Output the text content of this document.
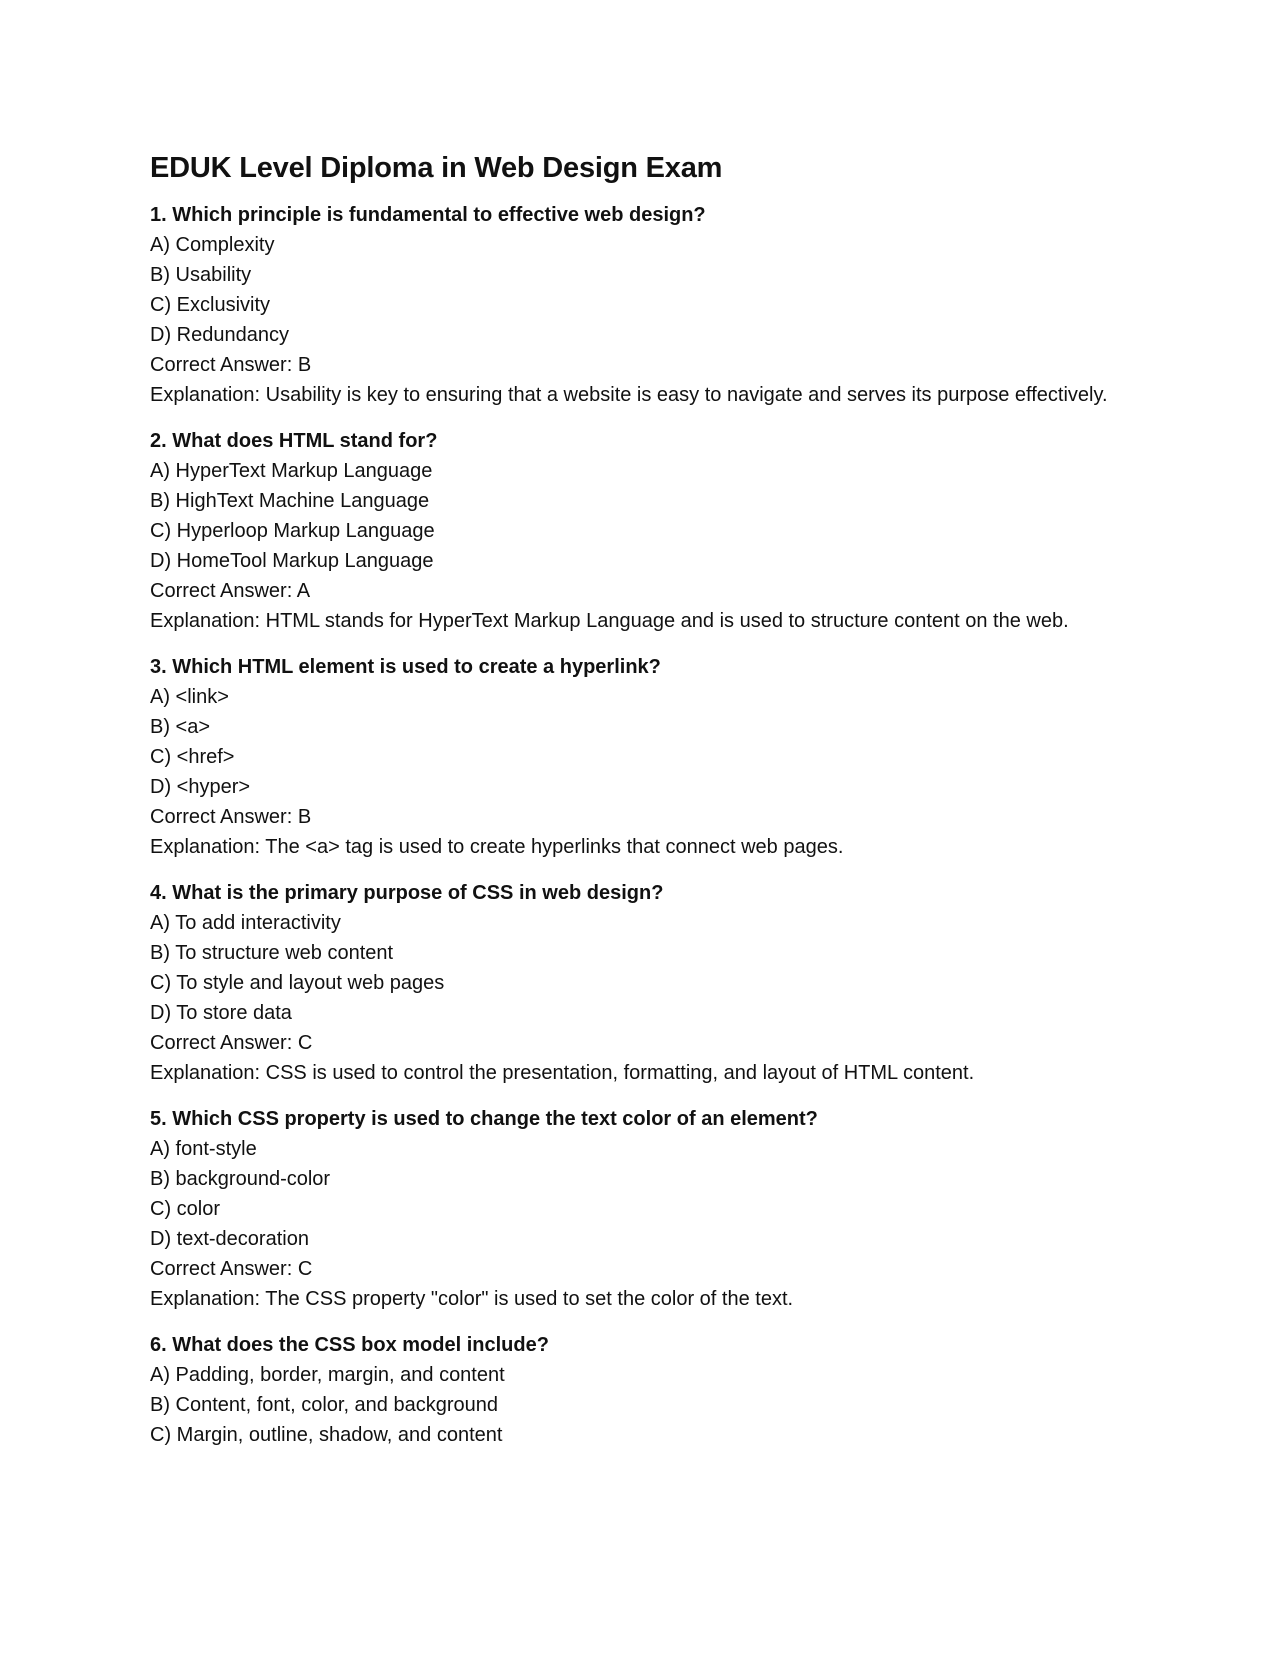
EDUK Level Diploma in Web Design Exam

1. Which principle is fundamental to effective web design?

A) Complexity

B) Usability

C) Exclusivity

D) Redundancy

Correct Answer: B

Explanation: Usability is key to ensuring that a website is easy to navigate and serves its purpose effectively.

2. What does HTML stand for?

A) HyperText Markup Language

B) HighText Machine Language

C) Hyperloop Markup Language

D) HomeTool Markup Language

Correct Answer: A

Explanation: HTML stands for HyperText Markup Language and is used to structure content on the web.

3. Which HTML element is used to create a hyperlink?

A) <link>

B) <a>

C) <href>

D) <hyper>

Correct Answer: B

Explanation: The <a> tag is used to create hyperlinks that connect web pages.

4. What is the primary purpose of CSS in web design?

A) To add interactivity

B) To structure web content

C) To style and layout web pages

D) To store data

Correct Answer: C

Explanation: CSS is used to control the presentation, formatting, and layout of HTML content.

5. Which CSS property is used to change the text color of an element?

A) font-style

B) background-color

C) color

D) text-decoration

Correct Answer: C

Explanation: The CSS property "color" is used to set the color of the text.

6. What does the CSS box model include?

A) Padding, border, margin, and content

B) Content, font, color, and background

C) Margin, outline, shadow, and content
